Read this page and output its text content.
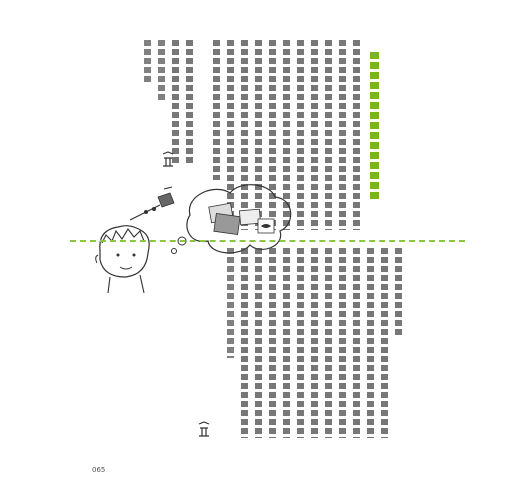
065
